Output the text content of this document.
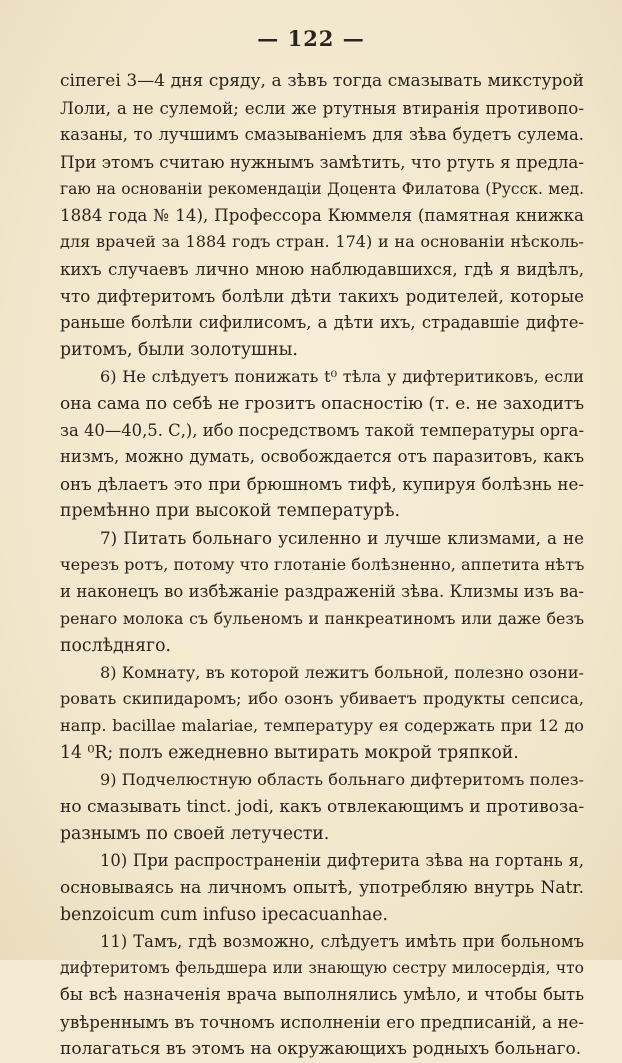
— 122 —
сіпегеі 3—4 дня сряду, а зѣвъ тогда смазывать микстурой
Лоли, а не сулемой; если же ртутныя втиранія противопо-
казаны, то лучшимъ смазываніемъ для зѣва будетъ сулема.
При этомъ считаю нужнымъ замѣтить, что ртуть я предла-
гаю на основаніи рекомендаціи Доцента Филатова (Русск. мед.
1884 года № 14), Профессора Кюммеля (памятная книжка
для врачей за 1884 годъ стран. 174) и на основаніи нѣсколь-
кихъ случаевъ лично мною наблюдавшихся, гдѣ я видѣлъ,
что дифтеритомъ болѣли дѣти такихъ родителей, которые
раньше болѣли сифилисомъ, а дѣти ихъ, страдавшіе дифте-
ритомъ, были золотушны.
6) Не слѣдуетъ понижать t⁰ тѣла у дифтеритиковъ, если
она сама по себѣ не грозитъ опасностію (т. е. не заходитъ
за 40—40,5. С,), ибо посредствомъ такой температуры орга-
низмъ, можно думать, освобождается отъ паразитовъ, какъ
онъ дѣлаетъ это при брюшномъ тифѣ, купируя болѣзнь не-
премѣнно при высокой температурѣ.
7) Питать больнаго усиленно и лучше клизмами, а не
черезъ ротъ, потому что глотаніе болѣзненно, аппетита нѣтъ
и наконецъ во избѣжаніе раздраженій зѣва. Клизмы изъ ва-
ренаго молока съ бульеномъ и панкреатиномъ или даже безъ
послѣдняго.
8) Комнату, въ которой лежитъ больной, полезно озони-
ровать скипидаромъ; ибо озонъ убиваетъ продукты сепсиса,
напр. bacillae malariae, температуру ея содержать при 12 до
14 ⁰R; полъ ежедневно вытирать мокрой тряпкой.
9) Подчелюстную область больнаго дифтеритомъ полез-
но смазывать tinct. jodi, какъ отвлекающимъ и противоза-
разнымъ по своей летучести.
10) При распространеніи дифтерита зѣва на гортань я,
основываясь на личномъ опытѣ, употребляю внутрь Natr.
benzoicum cum infuso ipecacuanhae.
11) Тамъ, гдѣ возможно, слѣдуетъ имѣть при больномъ
дифтеритомъ фельдшера или знающую сестру милосердія, что
бы всѣ назначенія врача выполнялись умѣло, и чтобы быть
увѣреннымъ въ точномъ исполненіи его предписаній, а не-
полагаться въ этомъ на окружающихъ родныхъ больнаго.
